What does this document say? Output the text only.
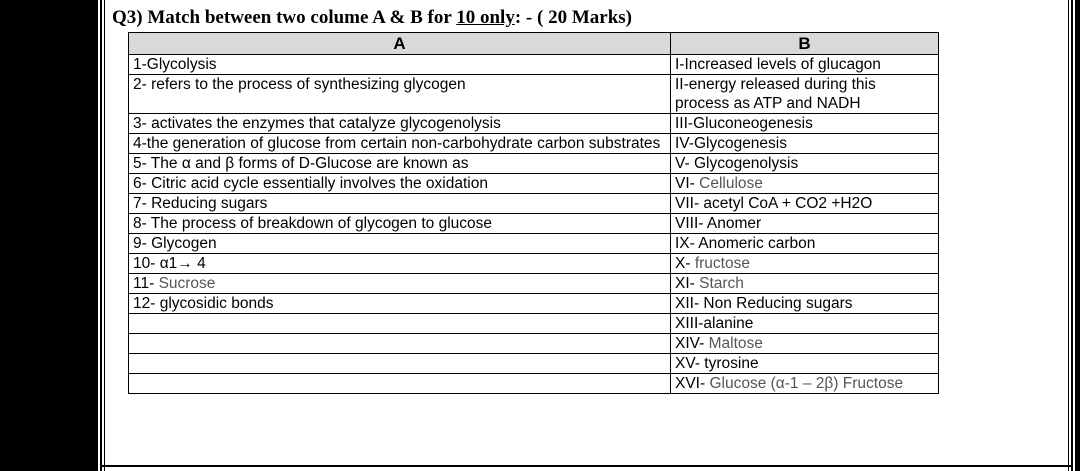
Q3) Match between two colume A & B for 10 only: - ( 20 Marks)
A	B
1-Glycolysis	I-Increased levels of glucagon
2- refers to the process of synthesizing glycogen	II-energy released during this process as ATP and NADH
3- activates the enzymes that catalyze glycogenolysis	III-Gluconeogenesis
4-the generation of glucose from certain non-carbohydrate carbon substrates	IV-Glycogenesis
5- The α and β forms of D-Glucose are known as	V- Glycogenolysis
6- Citric acid cycle essentially involves the oxidation	VI- Cellulose
7- Reducing sugars	VII- acetyl CoA + CO2 +H2O
8- The process of breakdown of glycogen to glucose	VIII- Anomer
9- Glycogen	IX- Anomeric carbon
10- α1→ 4	X- fructose
11- Sucrose	XI- Starch
12- glycosidic bonds	XII- Non Reducing sugars
	XIII-alanine
	XIV- Maltose
	XV- tyrosine
	XVI- Glucose (α-1 – 2β) Fructose
